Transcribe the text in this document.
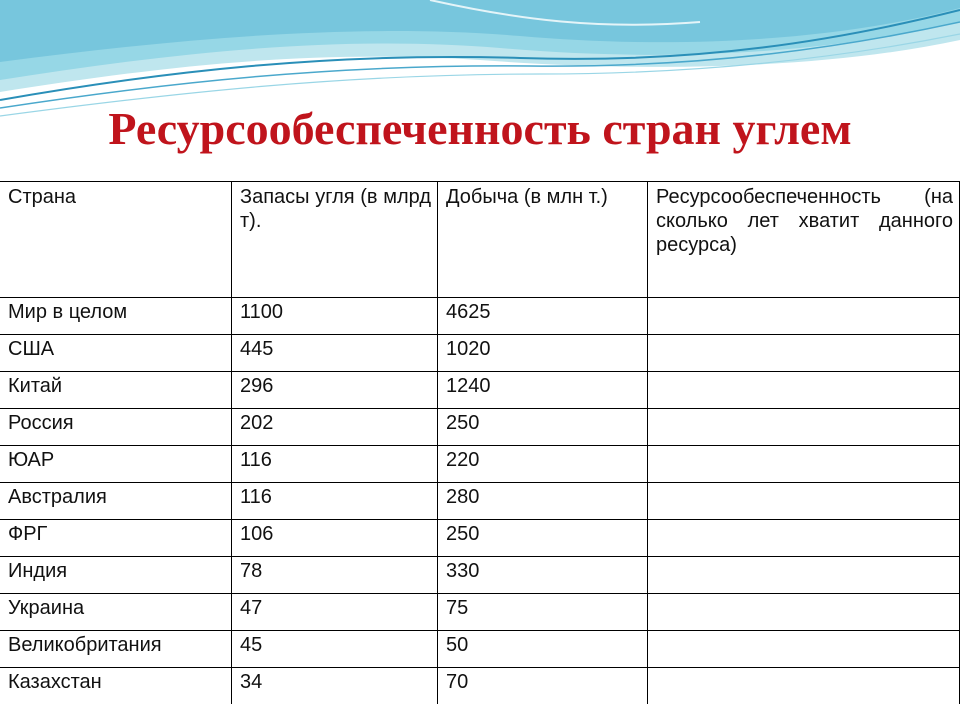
Ресурсообеспеченность стран углем
Страна	Запасы угля (в млрд т).	Добыча (в млн т.)	Ресурсообеспеченность (на сколько лет хватит данного ресурса)
Мир в целом	1100	4625	
США	445	1020	
Китай	296	1240	
Россия	202	250	
ЮАР	116	220	
Австралия	116	280	
ФРГ	106	250	
Индия	78	330	
Украина	47	75	
Великобритания	45	50	
Казахстан	34	70	
